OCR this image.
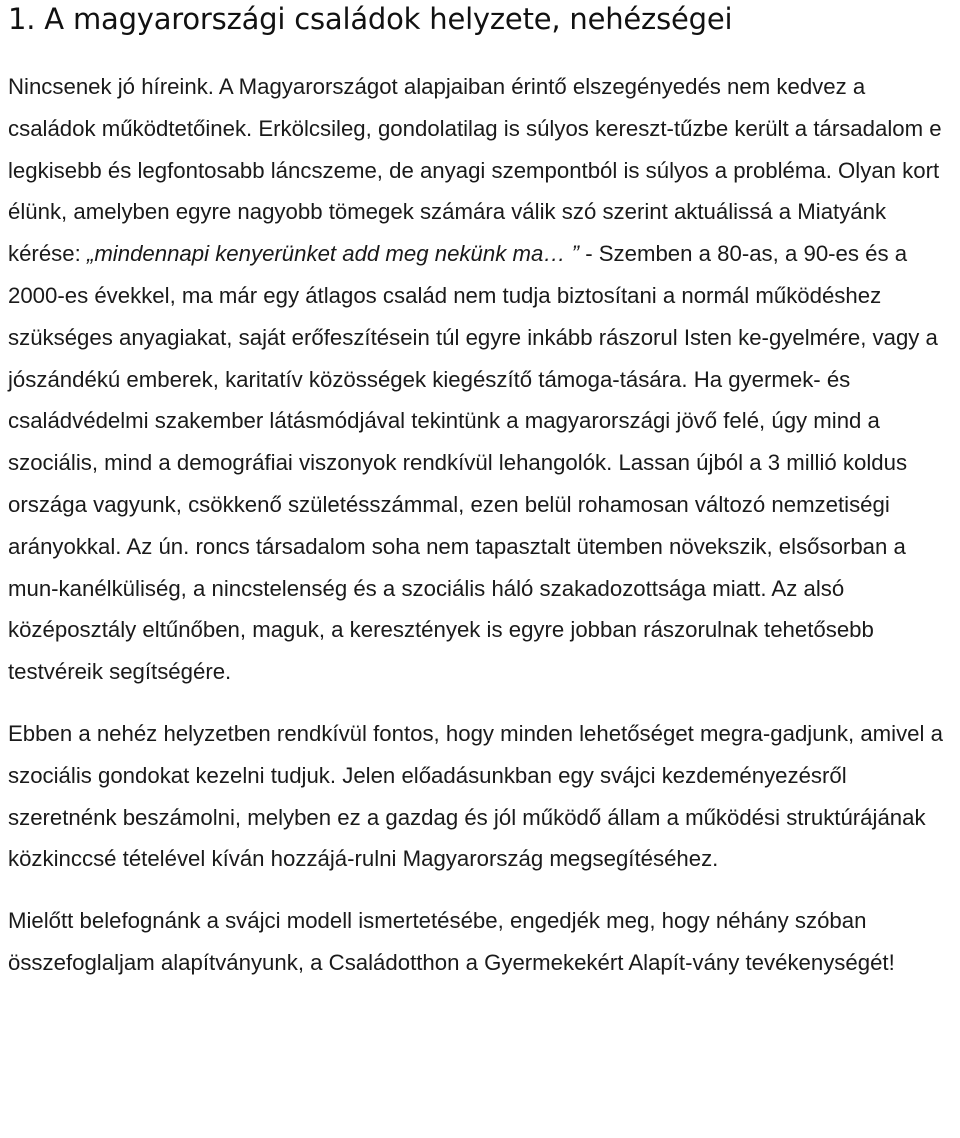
1. A magyarországi családok helyzete, nehézségei

Nincsenek jó híreink. A Magyarországot alapjaiban érintő elszegényedés nem kedvez a családok működtetőinek. Erkölcsileg, gondolatilag is súlyos kereszt-tűzbe került a társadalom e legkisebb és legfontosabb láncszeme, de anyagi szempontból is súlyos a probléma. Olyan kort élünk, amelyben egyre nagyobb tömegek számára válik szó szerint aktuálissá a Miatyánk kérése: „mindennapi kenyerünket add meg nekünk ma… ” - Szemben a 80-as, a 90-es és a 2000-es évekkel, ma már egy átlagos család nem tudja biztosítani a normál működéshez szükséges anyagiakat, saját erőfeszítésein túl egyre inkább rászorul Isten ke-gyelmére, vagy a jószándékú emberek, karitatív közösségek kiegészítő támoga-tására. Ha gyermek- és családvédelmi szakember látásmódjával tekintünk a magyarországi jövő felé, úgy mind a szociális, mind a demográfiai viszonyok rendkívül lehangolók. Lassan újból a 3 millió koldus országa vagyunk, csökkenő születésszámmal, ezen belül rohamosan változó nemzetiségi arányokkal. Az ún. roncs társadalom soha nem tapasztalt ütemben növekszik, elsősorban a mun-kanélküliség, a nincstelenség és a szociális háló szakadozottsága miatt. Az alsó középosztály eltűnőben, maguk, a keresztények is egyre jobban rászorulnak tehetősebb testvéreik segítségére.

Ebben a nehéz helyzetben rendkívül fontos, hogy minden lehetőséget megra-gadjunk, amivel a szociális gondokat kezelni tudjuk. Jelen előadásunkban egy svájci kezdeményezésről szeretnénk beszámolni, melyben ez a gazdag és jól működő állam a működési struktúrájának közkinccsé tételével kíván hozzájá-rulni Magyarország megsegítéséhez.

Mielőtt belefognánk a svájci modell ismertetésébe, engedjék meg, hogy néhány szóban összefoglaljam alapítványunk, a Családotthon a Gyermekekért Alapít-vány tevékenységét!
